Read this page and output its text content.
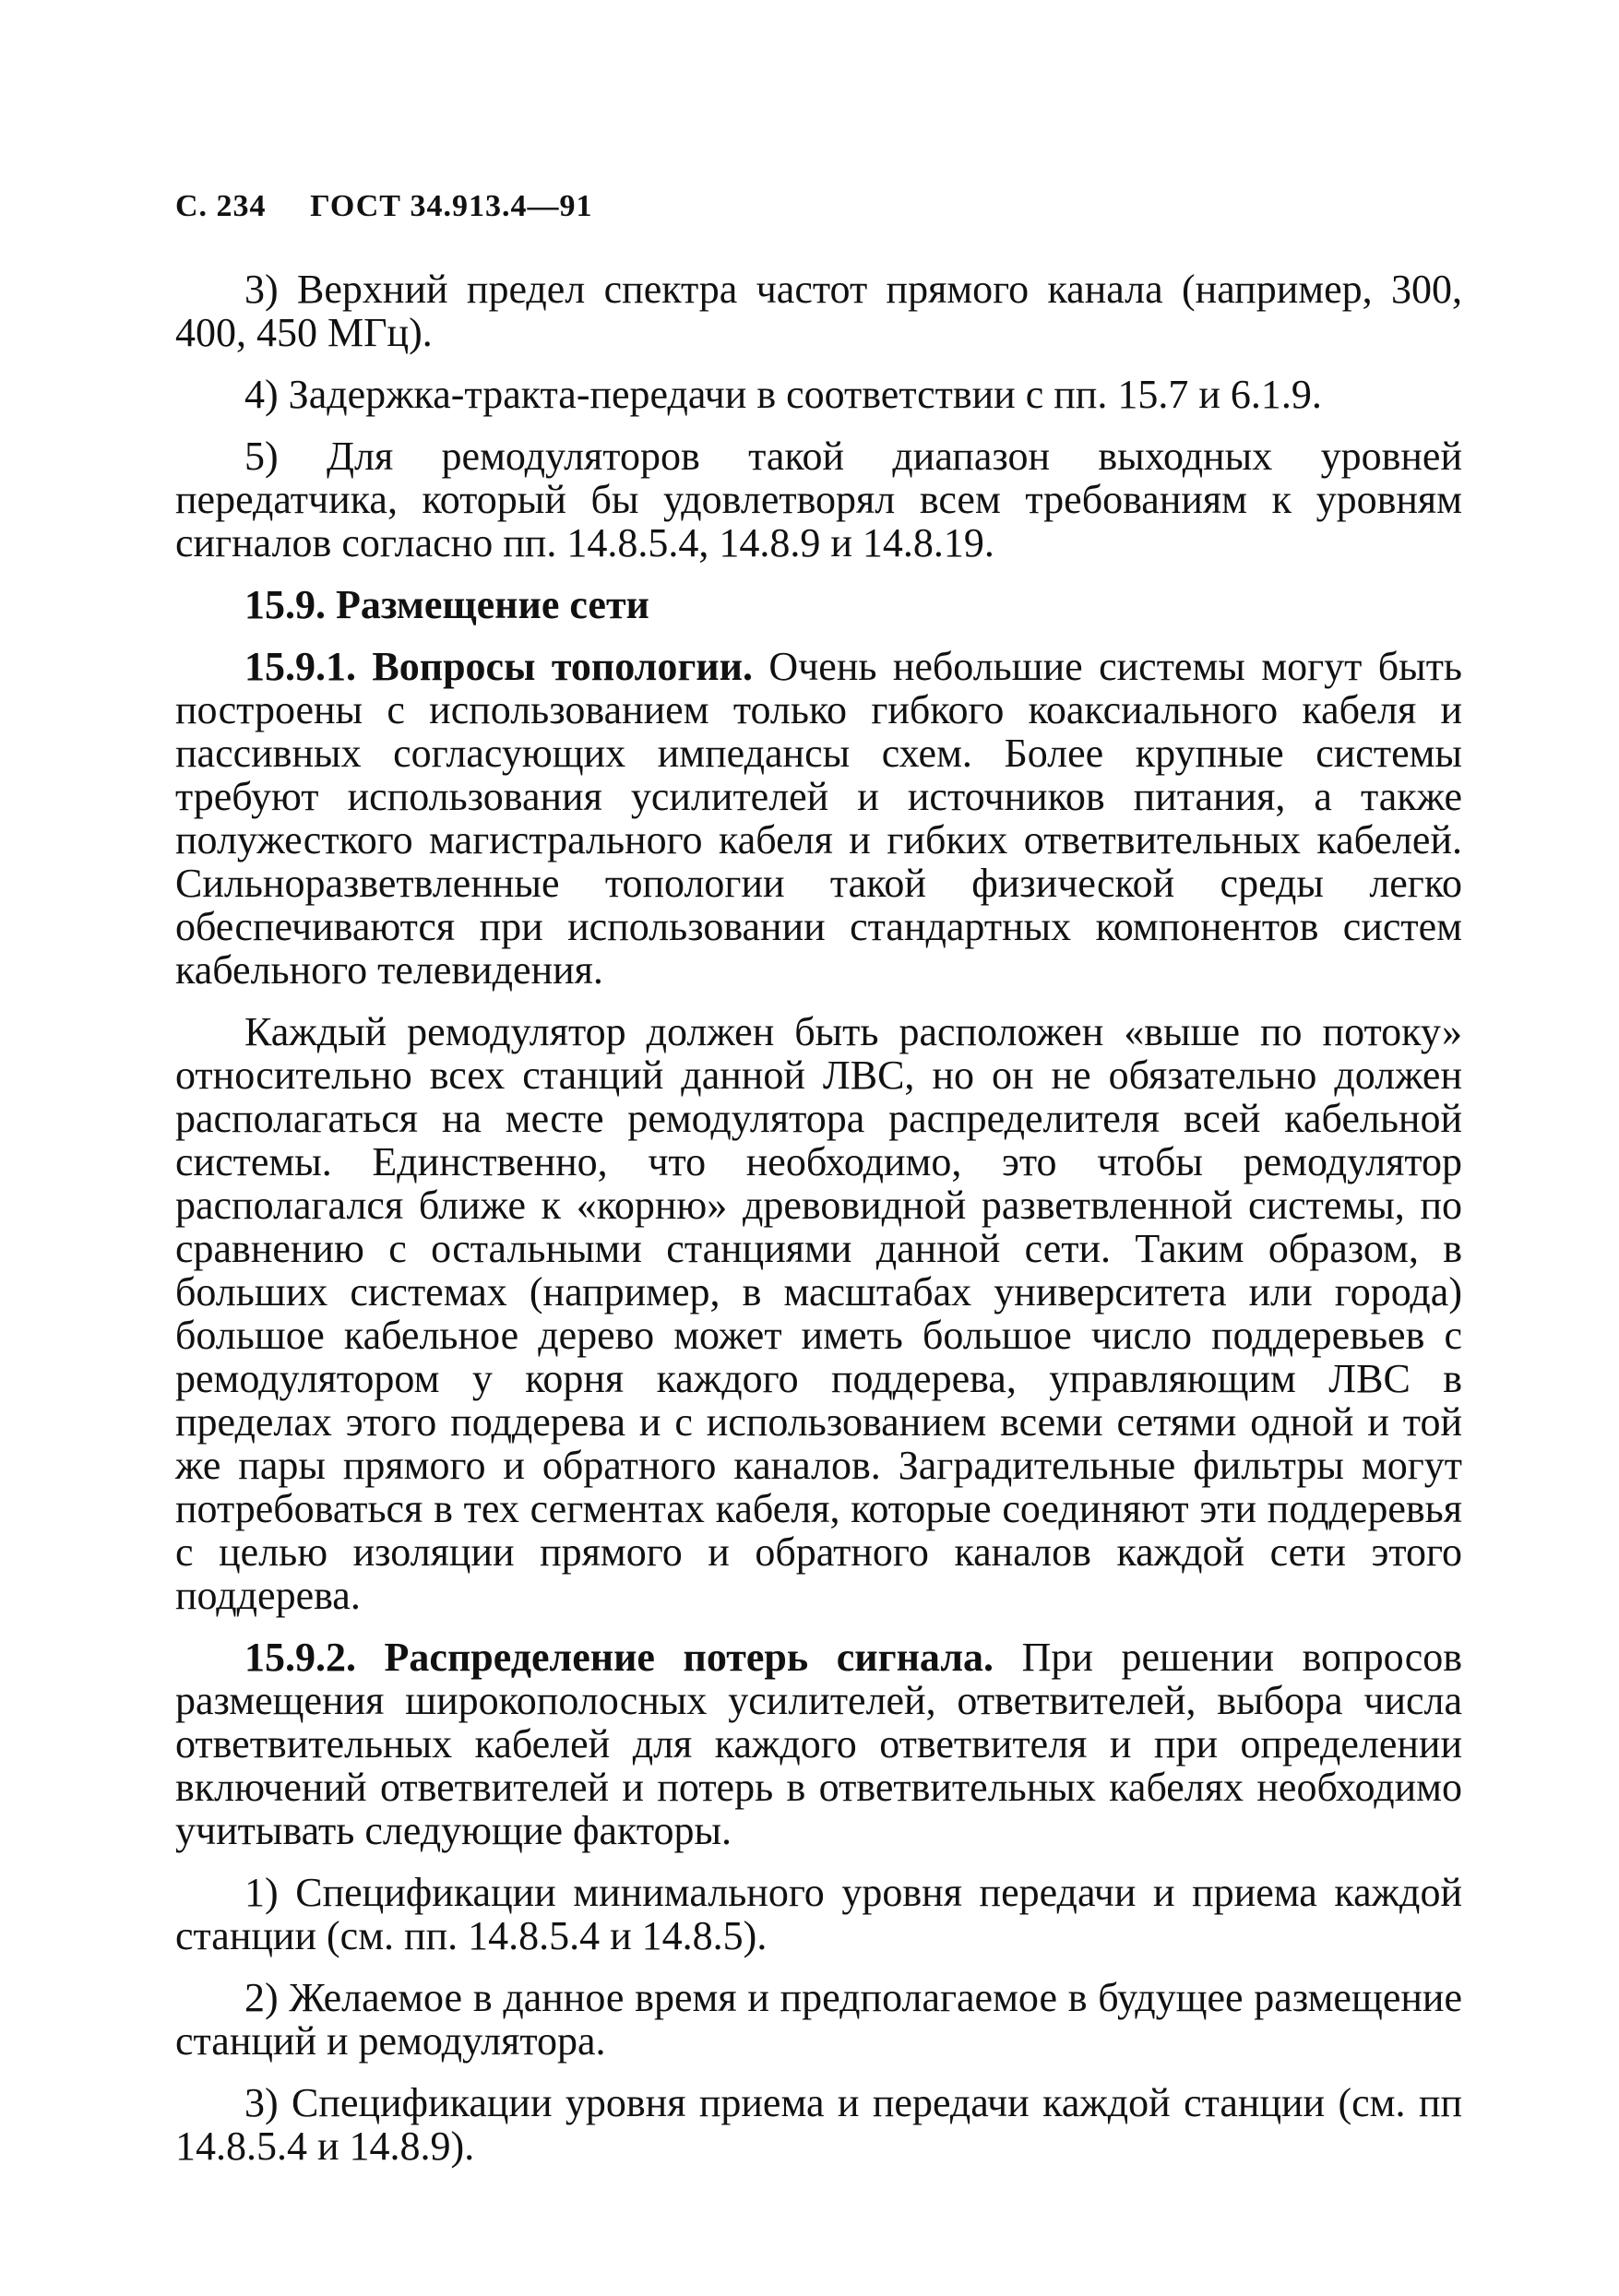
С. 234 ГОСТ 34.913.4—91

3) Верхний предел спектра частот прямого канала (например, 300, 400, 450 МГц).

4) Задержка-тракта-передачи в соответствии с пп. 15.7 и 6.1.9.

5) Для ремодуляторов такой диапазон выходных уровней передатчика, который бы удовлетворял всем требованиям к уровням сигналов согласно пп. 14.8.5.4, 14.8.9 и 14.8.19.

15.9. Размещение сети

15.9.1. Вопросы топологии. Очень небольшие системы могут быть построены с использованием только гибкого коаксиального кабеля и пассивных согласующих импедансы схем. Более крупные системы требуют использования усилителей и источников питания, а также полужесткого магистрального кабеля и гибких ответвительных кабелей. Сильноразветвленные топологии такой физической среды легко обеспечиваются при использовании стандартных компонентов систем кабельного телевидения.

Каждый ремодулятор должен быть расположен «выше по потоку» относительно всех станций данной ЛВС, но он не обязательно должен располагаться на месте ремодулятора распределителя всей кабельной системы. Единственно, что необходимо, это чтобы ремодулятор располагался ближе к «корню» древовидной разветвленной системы, по сравнению с остальными станциями данной сети. Таким образом, в больших системах (например, в масштабах университета или города) большое кабельное дерево может иметь большое число поддеревьев с ремодулятором у корня каждого поддерева, управляющим ЛВС в пределах этого поддерева и с использованием всеми сетями одной и той же пары прямого и обратного каналов. Заградительные фильтры могут потребоваться в тех сегментах кабеля, которые соединяют эти поддеревья с целью изоляции прямого и обратного каналов каждой сети этого поддерева.

15.9.2. Распределение потерь сигнала. При решении вопросов размещения широкополосных усилителей, ответвителей, выбора числа ответвительных кабелей для каждого ответвителя и при определении включений ответвителей и потерь в ответвительных кабелях необходимо учитывать следующие факторы.

1) Спецификации минимального уровня передачи и приема каждой станции (см. пп. 14.8.5.4 и 14.8.5).

2) Желаемое в данное время и предполагаемое в будущее размещение станций и ремодулятора.

3) Спецификации уровня приема и передачи каждой станции (см. пп 14.8.5.4 и 14.8.9).
